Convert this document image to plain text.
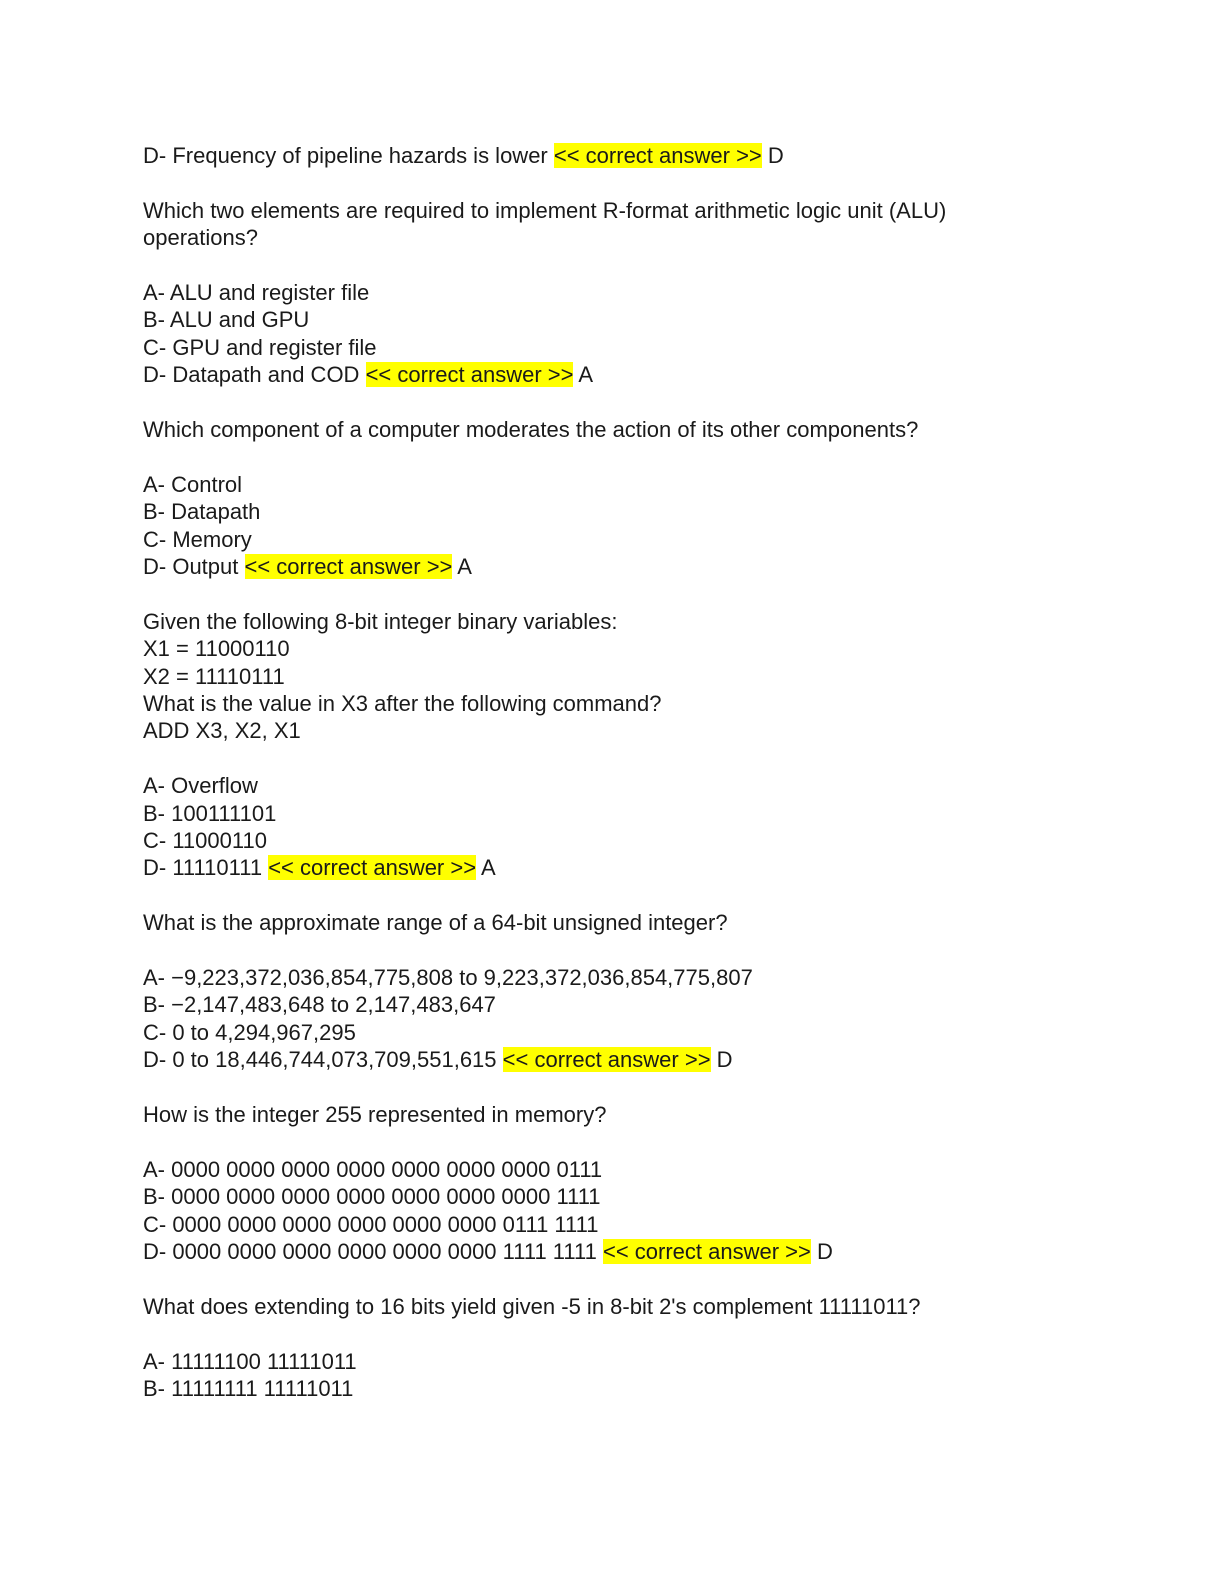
D- Frequency of pipeline hazards is lower << correct answer >> D
Which two elements are required to implement R-format arithmetic logic unit (ALU)
operations?
A- ALU and register file
B- ALU and GPU
C- GPU and register file
D- Datapath and COD << correct answer >> A
Which component of a computer moderates the action of its other components?
A- Control
B- Datapath
C- Memory
D- Output << correct answer >> A
Given the following 8-bit integer binary variables:
X1 = 11000110
X2 = 11110111
What is the value in X3 after the following command?
ADD X3, X2, X1
A- Overflow
B- 100111101
C- 11000110
D- 11110111 << correct answer >> A
What is the approximate range of a 64-bit unsigned integer?
A- −9,223,372,036,854,775,808 to 9,223,372,036,854,775,807
B- −2,147,483,648 to 2,147,483,647
C- 0 to 4,294,967,295
D- 0 to 18,446,744,073,709,551,615 << correct answer >> D
How is the integer 255 represented in memory?
A- 0000 0000 0000 0000 0000 0000 0000 0111
B- 0000 0000 0000 0000 0000 0000 0000 1111
C- 0000 0000 0000 0000 0000 0000 0111 1111
D- 0000 0000 0000 0000 0000 0000 1111 1111 << correct answer >> D
What does extending to 16 bits yield given -5 in 8-bit 2's complement 11111011?
A- 11111100 11111011
B- 11111111 11111011
